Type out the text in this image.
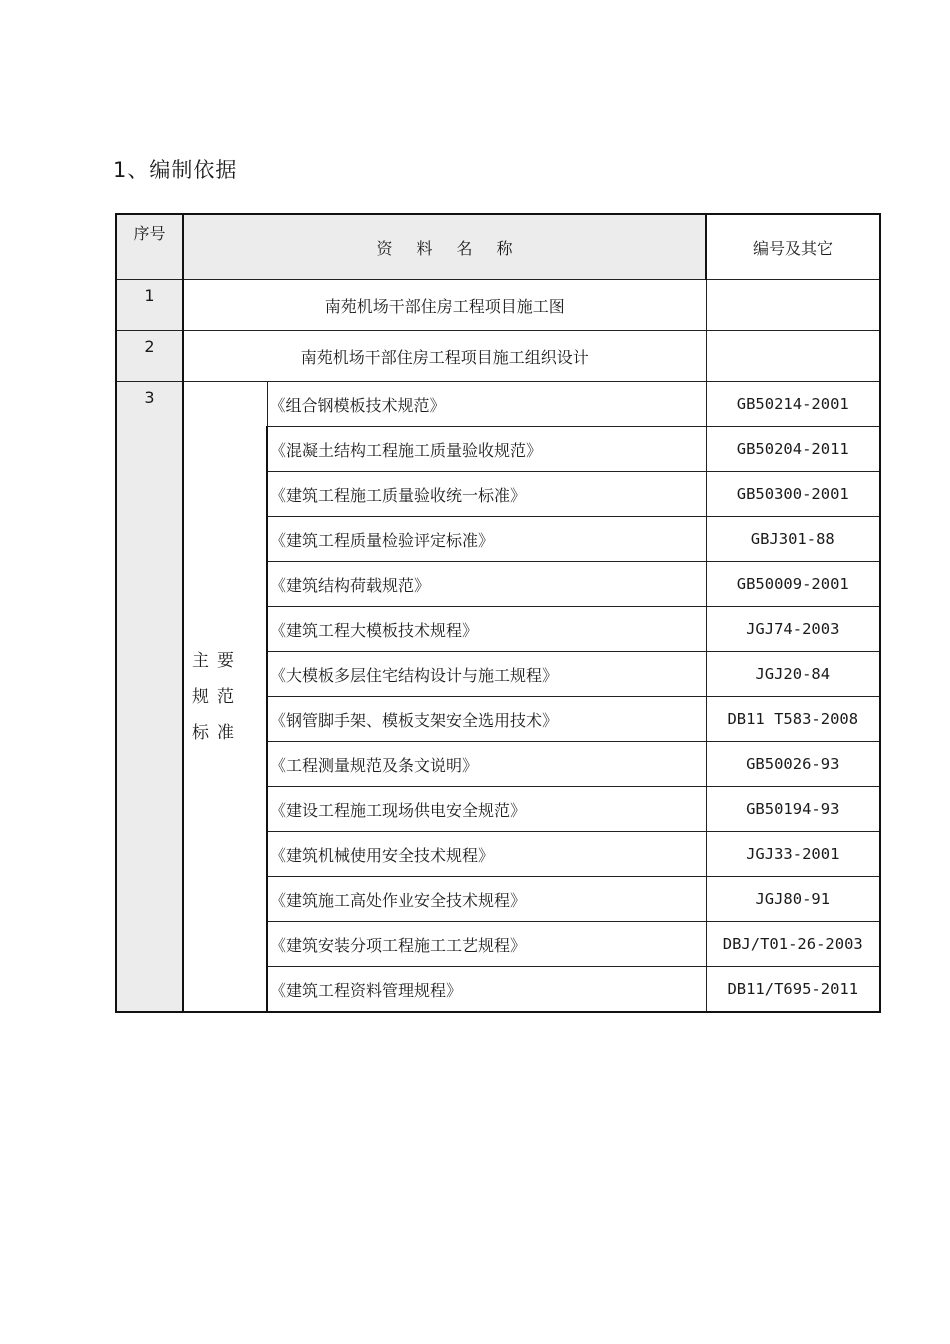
1、编制依据
序号	资料名称		编号及其它
1	南苑机场干部住房工程项目施工图		
2	南苑机场干部住房工程项目施工组织设计		
3	主要
规范
标准	《组合钢模板技术规范》	GB50214-2001
		《混凝土结构工程施工质量验收规范》	GB50204-2011
		《建筑工程施工质量验收统一标准》	GB50300-2001
		《建筑工程质量检验评定标准》	GBJ301-88
		《建筑结构荷载规范》	GB50009-2001
		《建筑工程大模板技术规程》	JGJ74-2003
		《大模板多层住宅结构设计与施工规程》	JGJ20-84
		《钢管脚手架、模板支架安全选用技术》	DB11 T583-2008
		《工程测量规范及条文说明》	GB50026-93
		《建设工程施工现场供电安全规范》	GB50194-93
		《建筑机械使用安全技术规程》	JGJ33-2001
		《建筑施工高处作业安全技术规程》	JGJ80-91
		《建筑安装分项工程施工工艺规程》	DBJ/T01-26-2003
		《建筑工程资料管理规程》	DB11/T695-2011
